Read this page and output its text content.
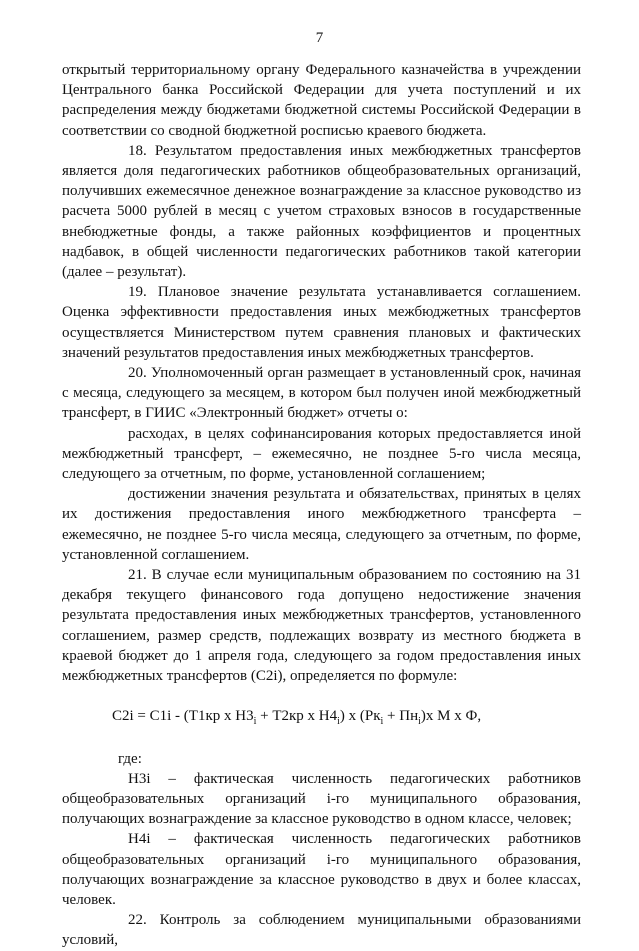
7

открытый территориальному органу Федерального казначейства в учреждении Центрального банка Российской Федерации для учета поступлений и их распределения между бюджетами бюджетной системы Российской Федерации в соответствии со сводной бюджетной росписью краевого бюджета.

18. Результатом предоставления иных межбюджетных трансфертов является доля педагогических работников общеобразовательных организаций, получивших ежемесячное денежное вознаграждение за классное руководство из расчета 5000 рублей в месяц с учетом страховых взносов в государственные внебюджетные фонды, а также районных коэффициентов и процентных надбавок, в общей численности педагогических работников такой категории (далее – результат).

19. Плановое значение результата устанавливается соглашением. Оценка эффективности предоставления иных межбюджетных трансфертов осуществляется Министерством путем сравнения плановых и фактических значений результатов предоставления иных межбюджетных трансфертов.

20. Уполномоченный орган размещает в установленный срок, начиная с месяца, следующего за месяцем, в котором был получен иной межбюджетный трансферт, в ГИИС «Электронный бюджет» отчеты о:

расходах, в целях софинансирования которых предоставляется иной межбюджетный трансферт, – ежемесячно, не позднее 5-го числа месяца, следующего за отчетным, по форме, установленной соглашением;

достижении значения результата и обязательствах, принятых в целях их достижения предоставления иного межбюджетного трансферта – ежемесячно, не позднее 5-го числа месяца, следующего за отчетным, по форме, установленной соглашением.

21. В случае если муниципальным образованием по состоянию на 31 декабря текущего финансового года допущено недостижение значения результата предоставления иных межбюджетных трансфертов, установленного соглашением, размер средств, подлежащих возврату из местного бюджета в краевой бюджет до 1 апреля года, следующего за годом предоставления иных межбюджетных трансфертов (С2i), определяется по формуле:

С2i = С1i - (Т1кр х $Н3_i + Т2кр$ х $Н4_i$) х $(Рк_i + Пн_i)х$ М х Ф,

где:

Н3i – фактическая численность педагогических работников общеобразовательных организаций i-го муниципального образования, получающих вознаграждение за классное руководство в одном классе, человек;

Н4i – фактическая численность педагогических работников общеобразовательных организаций i-го муниципального образования, получающих вознаграждение за классное руководство в двух и более классах, человек.

22. Контроль за соблюдением муниципальными образованиями условий,
